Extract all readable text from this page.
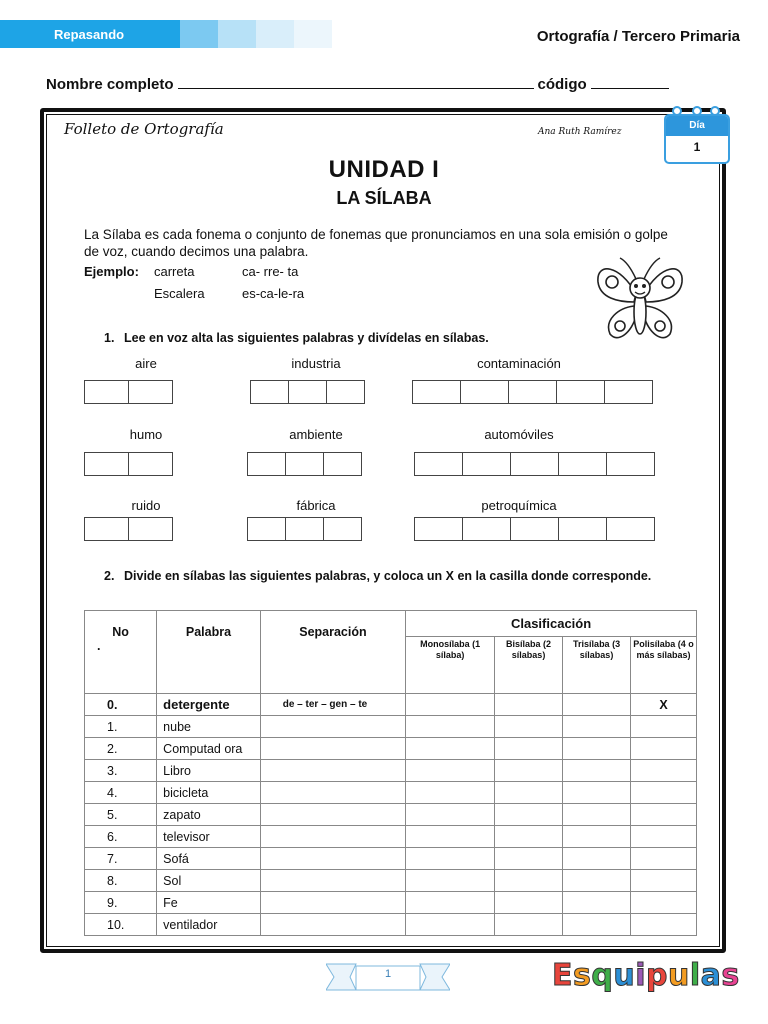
Repasando	Ortografía / Tercero Primaria
Nombre completo	código
Folleto de Ortografía	Ana Ruth Ramírez
Día
1
UNIDAD I
LA SÍLABA
La Sílaba es cada fonema o conjunto de fonemas que pronunciamos en una sola emisión o golpe de voz, cuando decimos una palabra.
Ejemplo: carreta	ca- rre- ta
Escalera	es-ca-le-ra
1. Lee en voz alta las siguientes palabras y divídelas en sílabas.
aire	industria	contaminación
humo	ambiente	automóviles
ruido	fábrica	petroquímica
2. Divide en sílabas las siguientes palabras, y coloca un X en la casilla donde corresponde.
No
.	Palabra	Separación	Clasificación			
			Monosílaba (1 sílaba)	Bisílaba (2 sílabas)	Trisílaba (3 sílabas)	Polisílaba (4 o más sílabas)
0.	detergente	de – ter – gen – te				X
1.	nube					
2.	Computad ora					
3.	Libro					
4.	bicicleta					
5.	zapato					
6.	televisor					
7.	Sofá					
8.	Sol					
9.	Fe					
10.	ventilador					
1	Esquipulas
